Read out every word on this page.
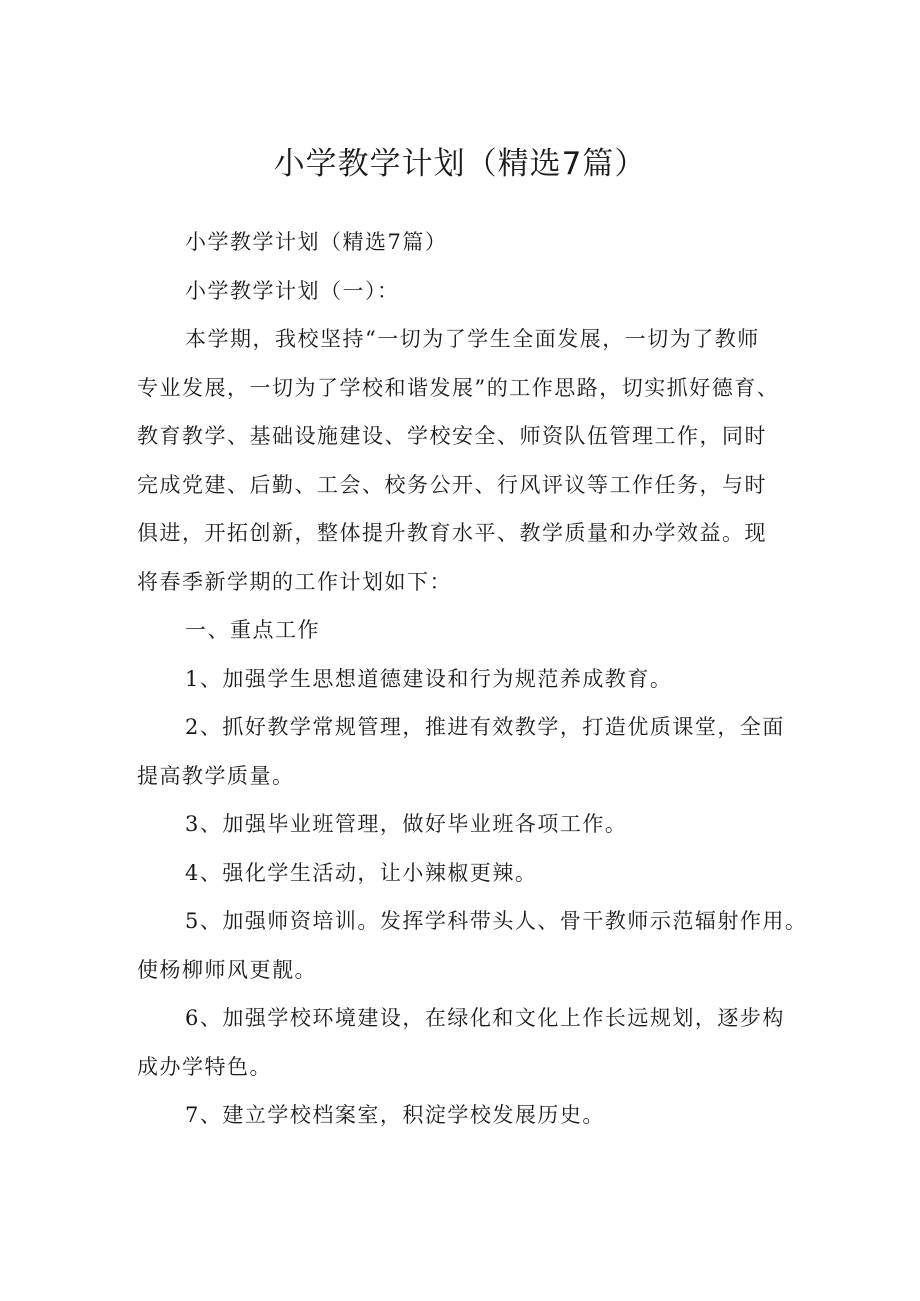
小学教学计划（精选7篇）
小学教学计划（精选7篇）
小学教学计划（一）：
本学期，我校坚持“一切为了学生全面发展，一切为了教师
专业发展，一切为了学校和谐发展”的工作思路，切实抓好德育、
教育教学、基础设施建设、学校安全、师资队伍管理工作，同时
完成党建、后勤、工会、校务公开、行风评议等工作任务，与时
俱进，开拓创新，整体提升教育水平、教学质量和办学效益。现
将春季新学期的工作计划如下：
一、重点工作
1、加强学生思想道德建设和行为规范养成教育。
2、抓好教学常规管理，推进有效教学，打造优质课堂，全面
提高教学质量。
3、加强毕业班管理，做好毕业班各项工作。
4、强化学生活动，让小辣椒更辣。
5、加强师资培训。发挥学科带头人、骨干教师示范辐射作用。
使杨柳师风更靓。
6、加强学校环境建设，在绿化和文化上作长远规划，逐步构
成办学特色。
7、建立学校档案室，积淀学校发展历史。
